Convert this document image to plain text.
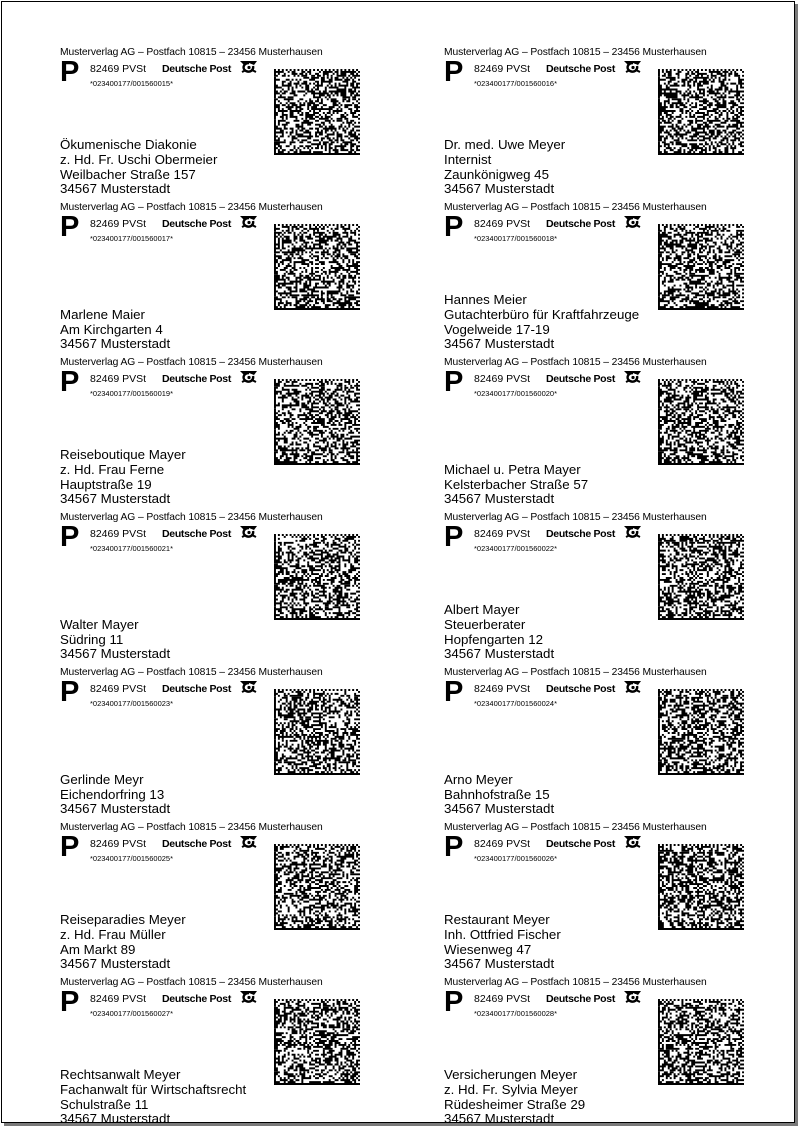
Musterverlag AG – Postfach 10815 – 23456 Musterhausen
P 82469 PVSt Deutsche Post
*023400177/001560015*
Ökumenische Diakonie
z. Hd. Fr. Uschi Obermeier
Weilbacher Straße 157
34567 Musterstadt
Musterverlag AG – Postfach 10815 – 23456 Musterhausen
P 82469 PVSt Deutsche Post
*023400177/001560016*
Dr. med. Uwe Meyer
Internist
Zaunkönigweg 45
34567 Musterstadt
Musterverlag AG – Postfach 10815 – 23456 Musterhausen
P 82469 PVSt Deutsche Post
*023400177/001560017*
Marlene Maier
Am Kirchgarten 4
34567 Musterstadt
Musterverlag AG – Postfach 10815 – 23456 Musterhausen
P 82469 PVSt Deutsche Post
*023400177/001560018*
Hannes Meier
Gutachterbüro für Kraftfahrzeuge
Vogelweide 17-19
34567 Musterstadt
Musterverlag AG – Postfach 10815 – 23456 Musterhausen
P 82469 PVSt Deutsche Post
*023400177/001560019*
Reiseboutique Mayer
z. Hd. Frau Ferne
Hauptstraße 19
34567 Musterstadt
Musterverlag AG – Postfach 10815 – 23456 Musterhausen
P 82469 PVSt Deutsche Post
*023400177/001560020*
Michael u. Petra Mayer
Kelsterbacher Straße 57
34567 Musterstadt
Musterverlag AG – Postfach 10815 – 23456 Musterhausen
P 82469 PVSt Deutsche Post
*023400177/001560021*
Walter Mayer
Südring 11
34567 Musterstadt
Musterverlag AG – Postfach 10815 – 23456 Musterhausen
P 82469 PVSt Deutsche Post
*023400177/001560022*
Albert Mayer
Steuerberater
Hopfengarten 12
34567 Musterstadt
Musterverlag AG – Postfach 10815 – 23456 Musterhausen
P 82469 PVSt Deutsche Post
*023400177/001560023*
Gerlinde Meyr
Eichendorfring 13
34567 Musterstadt
Musterverlag AG – Postfach 10815 – 23456 Musterhausen
P 82469 PVSt Deutsche Post
*023400177/001560024*
Arno Meyer
Bahnhofstraße 15
34567 Musterstadt
Musterverlag AG – Postfach 10815 – 23456 Musterhausen
P 82469 PVSt Deutsche Post
*023400177/001560025*
Reiseparadies Meyer
z. Hd. Frau Müller
Am Markt 89
34567 Musterstadt
Musterverlag AG – Postfach 10815 – 23456 Musterhausen
P 82469 PVSt Deutsche Post
*023400177/001560026*
Restaurant Meyer
Inh. Ottfried Fischer
Wiesenweg 47
34567 Musterstadt
Musterverlag AG – Postfach 10815 – 23456 Musterhausen
P 82469 PVSt Deutsche Post
*023400177/001560027*
Rechtsanwalt Meyer
Fachanwalt für Wirtschaftsrecht
Schulstraße 11
34567 Musterstadt
Musterverlag AG – Postfach 10815 – 23456 Musterhausen
P 82469 PVSt Deutsche Post
*023400177/001560028*
Versicherungen Meyer
z. Hd. Fr. Sylvia Meyer
Rüdesheimer Straße 29
34567 Musterstadt
